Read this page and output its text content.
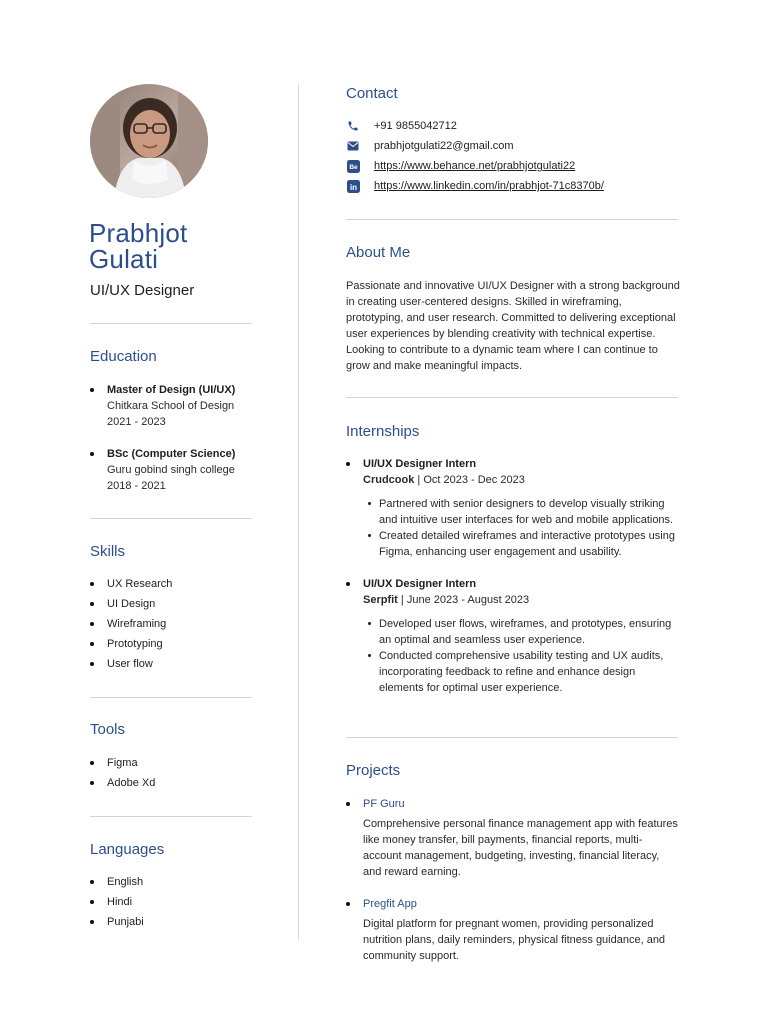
Prabhjot
Gulati
UI/UX Designer
Education
Master of Design (UI/UX)
Chitkara School of Design
2021 - 2023
BSc (Computer Science)
Guru gobind singh college
2018 - 2021
Skills
UX Research
UI Design
Wireframing
Prototyping
User flow
Tools
Figma
Adobe Xd
Languages
English
Hindi
Punjabi
Contact
+91 9855042712
prabhjotgulati22@gmail.com
Be https://www.behance.net/prabhjotgulati22
in https://www.linkedin.com/in/prabhjot-71c8370b/
About Me
Passionate and innovative UI/UX Designer with a strong background in creating user-centered designs. Skilled in wireframing, prototyping, and user research. Committed to delivering exceptional user experiences by blending creativity with technical expertise. Looking to contribute to a dynamic team where I can continue to grow and make meaningful impacts.
Internships
UI/UX Designer Intern
Crudcook | Oct 2023 - Dec 2023
Partnered with senior designers to develop visually striking and intuitive user interfaces for web and mobile applications.
Created detailed wireframes and interactive prototypes using Figma, enhancing user engagement and usability.
UI/UX Designer Intern
Serpfit | June 2023 - August 2023
Developed user flows, wireframes, and prototypes, ensuring an optimal and seamless user experience.
Conducted comprehensive usability testing and UX audits, incorporating feedback to refine and enhance design elements for optimal user experience.
Projects
PF Guru
Comprehensive personal finance management app with features like money transfer, bill payments, financial reports, multi-account management, budgeting, investing, financial literacy, and reward earning.
Pregfit App
Digital platform for pregnant women, providing personalized nutrition plans, daily reminders, physical fitness guidance, and community support.
